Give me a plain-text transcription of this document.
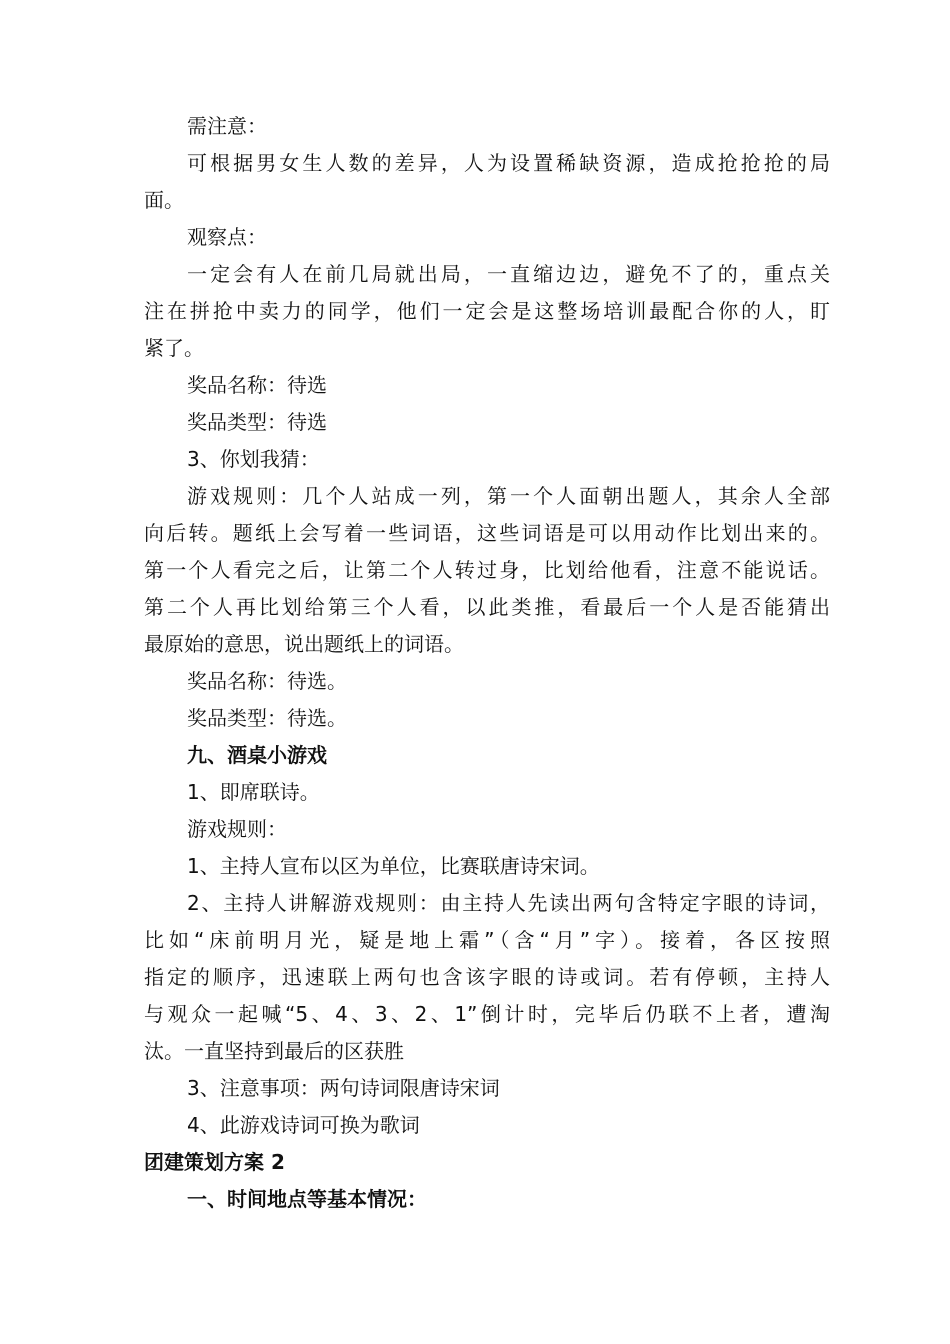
需注意：
可根据男女生人数的差异，人为设置稀缺资源，造成抢抢抢的局
面。
观察点：
一定会有人在前几局就出局，一直缩边边，避免不了的，重点关
注在拼抢中卖力的同学，他们一定会是这整场培训最配合你的人，盯
紧了。
奖品名称：待选
奖品类型：待选
3、你划我猜：
游戏规则：几个人站成一列，第一个人面朝出题人，其余人全部
向后转。题纸上会写着一些词语，这些词语是可以用动作比划出来的。
第一个人看完之后，让第二个人转过身，比划给他看，注意不能说话。
第二个人再比划给第三个人看，以此类推，看最后一个人是否能猜出
最原始的意思，说出题纸上的词语。
奖品名称：待选。
奖品类型：待选。
九、酒桌小游戏
1、即席联诗。
游戏规则：
1、主持人宣布以区为单位，比赛联唐诗宋词。
2、主持人讲解游戏规则：由主持人先读出两句含特定字眼的诗词，
比如“床前明月光，疑是地上霜”（含“月”字）。接着，各区按照
指定的顺序，迅速联上两句也含该字眼的诗或词。若有停顿，主持人
与观众一起喊“5、4、3、2、1”倒计时，完毕后仍联不上者，遭淘
汰。一直坚持到最后的区获胜
3、注意事项：两句诗词限唐诗宋词
4、此游戏诗词可换为歌词
团建策划方案 2
一、时间地点等基本情况：
